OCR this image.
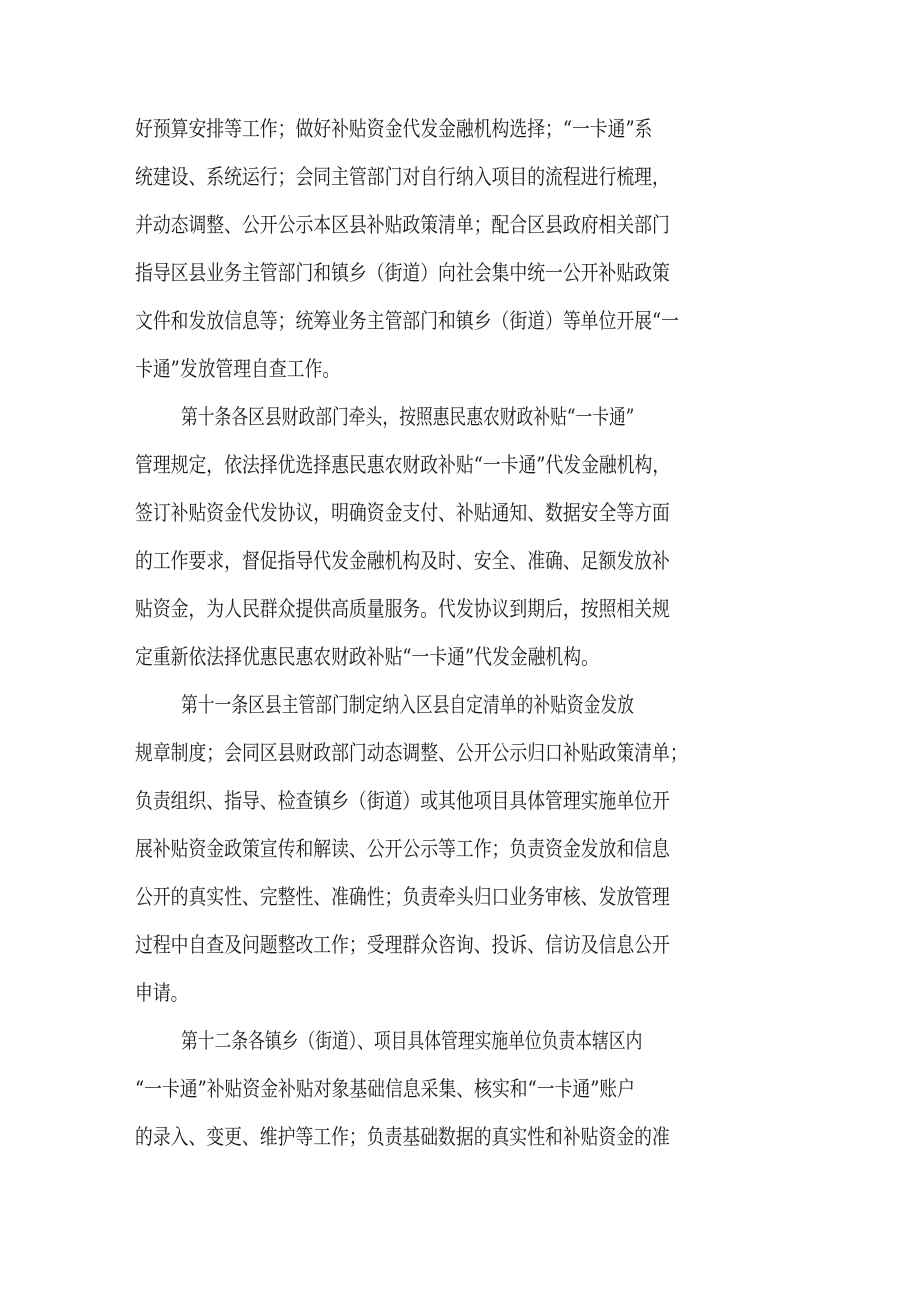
好预算安排等工作；做好补贴资金代发金融机构选择；“一卡通”系
统建设、系统运行；会同主管部门对自行纳入项目的流程进行梳理，
并动态调整、公开公示本区县补贴政策清单；配合区县政府相关部门
指导区县业务主管部门和镇乡（街道）向社会集中统一公开补贴政策
文件和发放信息等；统筹业务主管部门和镇乡（街道）等单位开展“一
卡通”发放管理自查工作。
第十条各区县财政部门牵头，按照惠民惠农财政补贴“一卡通”
管理规定，依法择优选择惠民惠农财政补贴“一卡通”代发金融机构，
签订补贴资金代发协议，明确资金支付、补贴通知、数据安全等方面
的工作要求，督促指导代发金融机构及时、安全、准确、足额发放补
贴资金，为人民群众提供高质量服务。代发协议到期后，按照相关规
定重新依法择优惠民惠农财政补贴“一卡通”代发金融机构。
第十一条区县主管部门制定纳入区县自定清单的补贴资金发放
规章制度；会同区县财政部门动态调整、公开公示归口补贴政策清单；
负责组织、指导、检查镇乡（街道）或其他项目具体管理实施单位开
展补贴资金政策宣传和解读、公开公示等工作；负责资金发放和信息
公开的真实性、完整性、准确性；负责牵头归口业务审核、发放管理
过程中自查及问题整改工作；受理群众咨询、投诉、信访及信息公开
申请。
第十二条各镇乡（街道）、项目具体管理实施单位负责本辖区内
“一卡通”补贴资金补贴对象基础信息采集、核实和“一卡通”账户
的录入、变更、维护等工作；负责基础数据的真实性和补贴资金的准
